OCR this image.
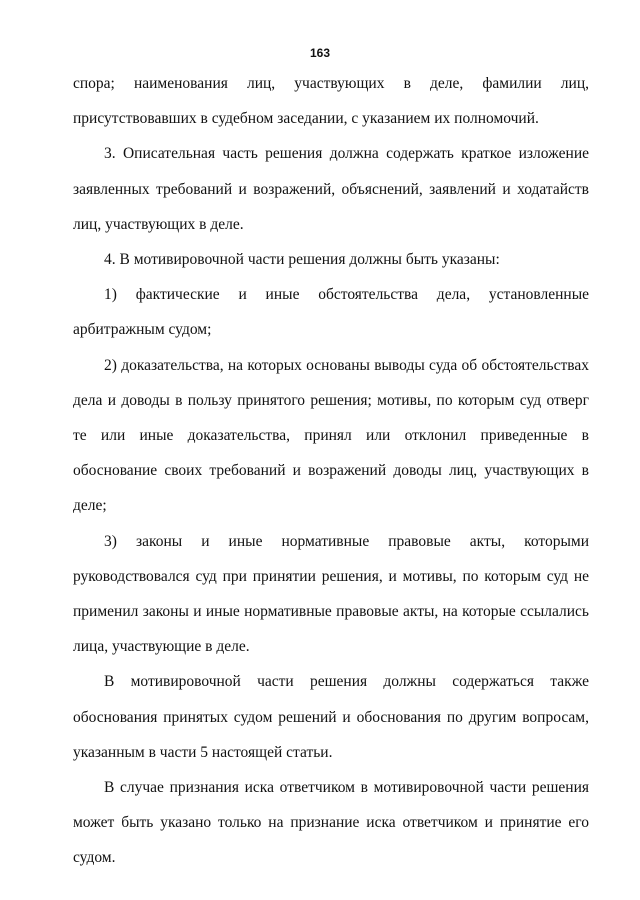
163

спора; наименования лиц, участвующих в деле, фамилии лиц, присутствовавших в судебном заседании, с указанием их полномочий.

3. Описательная часть решения должна содержать краткое изложение заявленных требований и возражений, объяснений, заявлений и ходатайств лиц, участвующих в деле.

4. В мотивировочной части решения должны быть указаны:

1) фактические и иные обстоятельства дела, установленные арбитражным судом;

2) доказательства, на которых основаны выводы суда об обстоятельствах дела и доводы в пользу принятого решения; мотивы, по которым суд отверг те или иные доказательства, принял или отклонил приведенные в обоснование своих требований и возражений доводы лиц, участвующих в деле;

3) законы и иные нормативные правовые акты, которыми руководствовался суд при принятии решения, и мотивы, по которым суд не применил законы и иные нормативные правовые акты, на которые ссылались лица, участвующие в деле.

В мотивировочной части решения должны содержаться также обоснования принятых судом решений и обоснования по другим вопросам, указанным в части 5 настоящей статьи.

В случае признания иска ответчиком в мотивировочной части решения может быть указано только на признание иска ответчиком и принятие его судом.
